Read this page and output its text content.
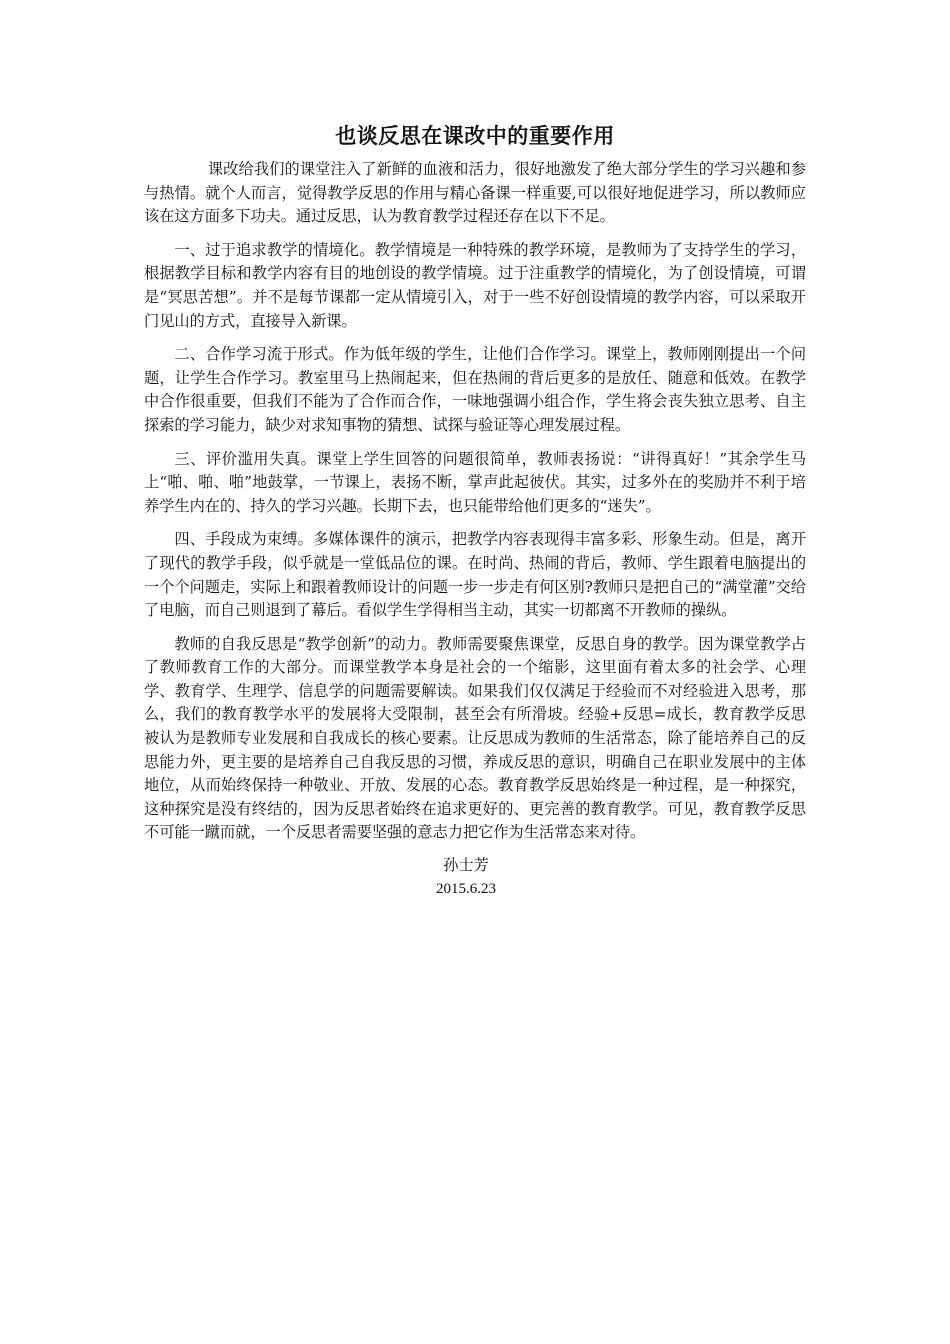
也谈反思在课改中的重要作用

课改给我们的课堂注入了新鲜的血液和活力，很好地激发了绝大部分学生的学习兴趣和参与热情。就个人而言，觉得教学反思的作用与精心备课一样重要,可以很好地促进学习，所以教师应该在这方面多下功夫。通过反思，认为教育教学过程还存在以下不足。

一、过于追求教学的情境化。教学情境是一种特殊的教学环境，是教师为了支持学生的学习，根据教学目标和教学内容有目的地创设的教学情境。过于注重教学的情境化，为了创设情境，可谓是“冥思苦想”。并不是每节课都一定从情境引入，对于一些不好创设情境的教学内容，可以采取开门见山的方式，直接导入新课。

二、合作学习流于形式。作为低年级的学生，让他们合作学习。课堂上，教师刚刚提出一个问题，让学生合作学习。教室里马上热闹起来，但在热闹的背后更多的是放任、随意和低效。在教学中合作很重要，但我们不能为了合作而合作，一味地强调小组合作，学生将会丧失独立思考、自主探索的学习能力，缺少对求知事物的猜想、试探与验证等心理发展过程。

三、评价滥用失真。课堂上学生回答的问题很简单，教师表扬说：“讲得真好！”其余学生马上“啪、啪、啪”地鼓掌，一节课上，表扬不断，掌声此起彼伏。其实，过多外在的奖励并不利于培养学生内在的、持久的学习兴趣。长期下去，也只能带给他们更多的“迷失”。

四、手段成为束缚。多媒体课件的演示，把教学内容表现得丰富多彩、形象生动。但是，离开了现代的教学手段，似乎就是一堂低品位的课。在时尚、热闹的背后，教师、学生跟着电脑提出的一个个问题走，实际上和跟着教师设计的问题一步一步走有何区别?教师只是把自己的“满堂灌”交给了电脑，而自己则退到了幕后。看似学生学得相当主动，其实一切都离不开教师的操纵。

教师的自我反思是“教学创新”的动力。教师需要聚焦课堂，反思自身的教学。因为课堂教学占了教师教育工作的大部分。而课堂教学本身是社会的一个缩影，这里面有着太多的社会学、心理学、教育学、生理学、信息学的问题需要解读。如果我们仅仅满足于经验而不对经验进入思考，那么，我们的教育教学水平的发展将大受限制，甚至会有所滑坡。经验+反思=成长，教育教学反思被认为是教师专业发展和自我成长的核心要素。让反思成为教师的生活常态，除了能培养自己的反思能力外，更主要的是培养自己自我反思的习惯，养成反思的意识，明确自己在职业发展中的主体地位，从而始终保持一种敬业、开放、发展的心态。教育教学反思始终是一种过程，是一种探究，这种探究是没有终结的，因为反思者始终在追求更好的、更完善的教育教学。可见，教育教学反思不可能一蹴而就，一个反思者需要坚强的意志力把它作为生活常态来对待。

孙士芳

2015.6.23
